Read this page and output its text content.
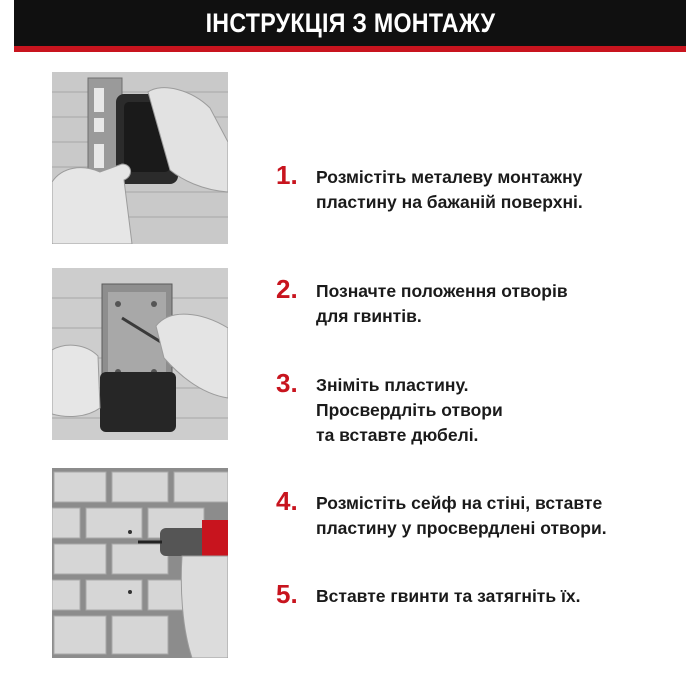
ІНСТРУКЦІЯ З МОНТАЖУ
1.	Розмістіть металеву монтажну
пластину на бажаній поверхні.
2.	Позначте положення отворів
для гвинтів.
3.	Зніміть пластину.
Просвердліть отвори
та вставте дюбелі.
4.	Розмістіть сейф на стіні, вставте
пластину у просвердлені отвори.
5.	Вставте гвинти та затягніть їх.
